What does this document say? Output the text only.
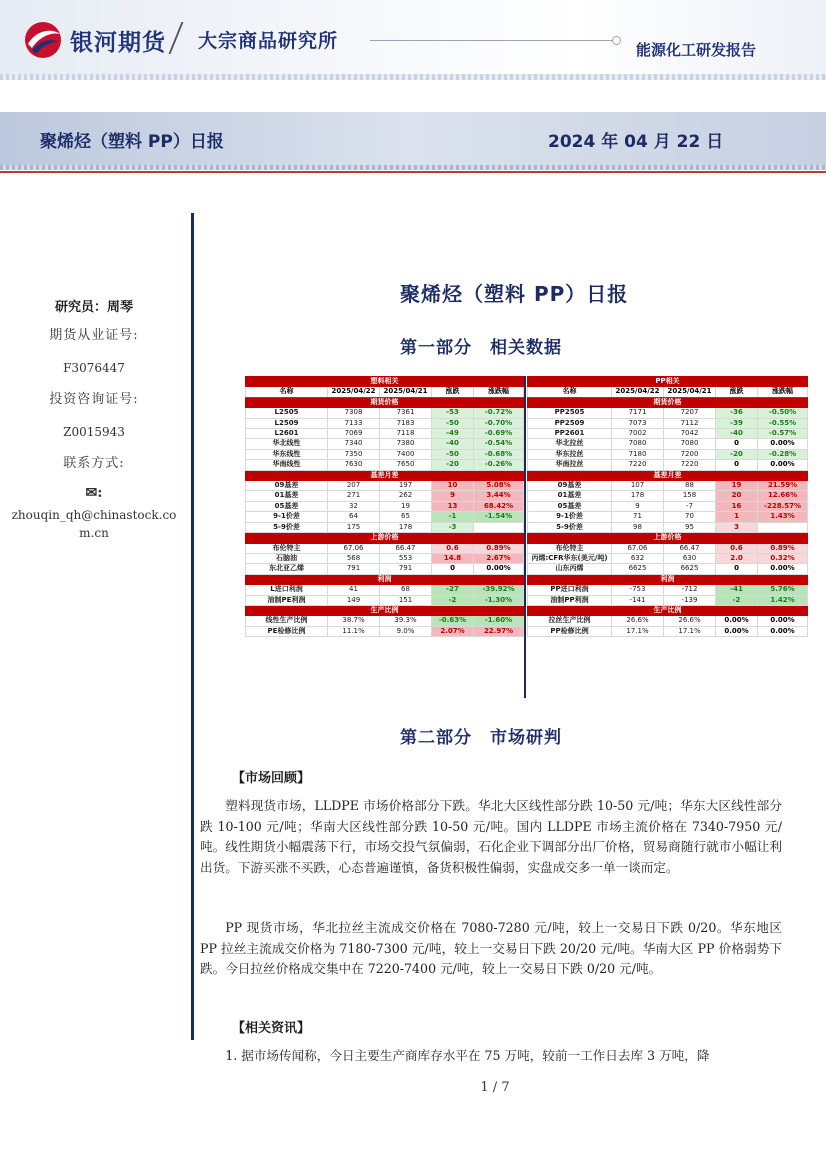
银河期货 大宗商品研究所	能源化工研发报告
聚烯烃（塑料 PP）日报	2024 年 04 月 22 日
研究员：周琴
期货从业证号:
F3076447
投资咨询证号:
Z0015943
联系方式:
✉:
zhouqin_qh@chinastock.com.cn
聚烯烃（塑料 PP）日报
第一部分 相关数据
塑料相关				
名称	2025/04/22	2025/04/21	涨跌	涨跌幅
期货价格				
L2505	7308	7361	-53	-0.72%
L2509	7133	7183	-50	-0.70%
L2601	7069	7118	-49	-0.69%
华北线性	7340	7380	-40	-0.54%
华东线性	7350	7400	-50	-0.68%
华南线性	7630	7650	-20	-0.26%
基差月差				
09基差	207	197	10	5.08%
01基差	271	262	9	3.44%
05基差	32	19	13	68.42%
9-1价差	64	65	-1	-1.54%
5-9价差	175	178	-3	
上游价格				
布伦特主	67.06	66.47	0.6	0.89%
石脑油	568	553	14.8	2.67%
东北亚乙烯	791	791	0	0.00%
利润				
L进口利润	41	68	-27	-39.92%
油制PE利润	149	151	-2	-1.30%
生产比例				
线性生产比例	38.7%	39.3%	-0.63%	-1.60%
PE检修比例	11.1%	9.0%	2.07%	22.97%
PP相关				
名称	2025/04/22	2025/04/21	涨跌	涨跌幅
期货价格				
PP2505	7171	7207	-36	-0.50%
PP2509	7073	7112	-39	-0.55%
PP2601	7002	7042	-40	-0.57%
华北拉丝	7080	7080	0	0.00%
华东拉丝	7180	7200	-20	-0.28%
华南拉丝	7220	7220	0	0.00%
基差月差				
09基差	107	88	19	21.59%
01基差	178	158	20	12.66%
05基差	9	-7	16	-228.57%
9-1价差	71	70	1	1.43%
5-9价差	98	95	3	
上游价格				
布伦特主	67.06	66.47	0.6	0.89%
丙烯:CFR华东(美元/吨)	632	630	2.0	0.32%
山东丙烯	6625	6625	0	0.00%
利润				
PP进口利润	-753	-712	-41	5.76%
油制PP利润	-141	-139	-2	1.42%
生产比例				
拉丝生产比例	26.6%	26.6%	0.00%	0.00%
PP检修比例	17.1%	17.1%	0.00%	0.00%
第二部分 市场研判
【市场回顾】
塑料现货市场，LLDPE 市场价格部分下跌。华北大区线性部分跌 10-50 元/吨；华东大区线性部分跌 10-100 元/吨；华南大区线性部分跌 10-50 元/吨。国内 LLDPE 市场主流价格在 7340-7950 元/吨。线性期货小幅震荡下行，市场交投气氛偏弱，石化企业下调部分出厂价格，贸易商随行就市小幅让利出货。下游买涨不买跌，心态普遍谨慎，备货积极性偏弱，实盘成交多一单一谈而定。
PP 现货市场，华北拉丝主流成交价格在 7080-7280 元/吨，较上一交易日下跌 0/20。华东地区 PP 拉丝主流成交价格为 7180-7300 元/吨，较上一交易日下跌 20/20 元/吨。华南大区 PP 价格弱势下跌。今日拉丝价格成交集中在 7220-7400 元/吨，较上一交易日下跌 0/20 元/吨。
【相关资讯】
1. 据市场传闻称，今日主要生产商库存水平在 75 万吨，较前一工作日去库 3 万吨，降
1 / 7
